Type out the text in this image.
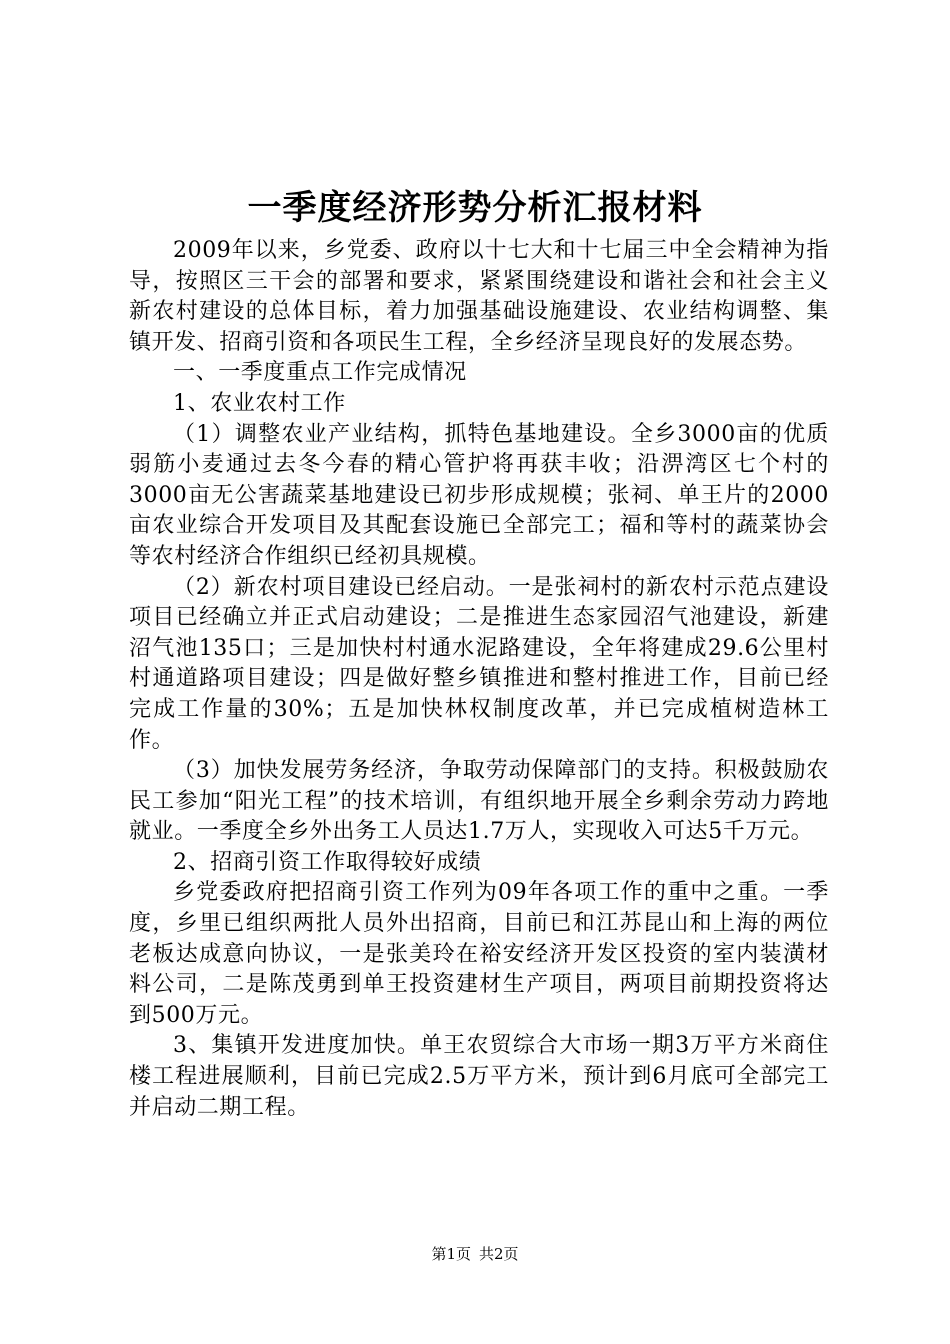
一季度经济形势分析汇报材料

2009年以来，乡党委、政府以十七大和十七届三中全会精神为指导，按照区三干会的部署和要求，紧紧围绕建设和谐社会和社会主义新农村建设的总体目标，着力加强基础设施建设、农业结构调整、集镇开发、招商引资和各项民生工程，全乡经济呈现良好的发展态势。

一、一季度重点工作完成情况

1、农业农村工作

（1）调整农业产业结构，抓特色基地建设。全乡3000亩的优质弱筋小麦通过去冬今春的精心管护将再获丰收；沿淠湾区七个村的3000亩无公害蔬菜基地建设已初步形成规模；张祠、单王片的2000亩农业综合开发项目及其配套设施已全部完工；福和等村的蔬菜协会等农村经济合作组织已经初具规模。

（2）新农村项目建设已经启动。一是张祠村的新农村示范点建设项目已经确立并正式启动建设；二是推进生态家园沼气池建设，新建沼气池135口；三是加快村村通水泥路建设，全年将建成29.6公里村村通道路项目建设；四是做好整乡镇推进和整村推进工作，目前已经完成工作量的30%；五是加快林权制度改革，并已完成植树造林工作。

（3）加快发展劳务经济，争取劳动保障部门的支持。积极鼓励农民工参加“阳光工程”的技术培训，有组织地开展全乡剩余劳动力跨地就业。一季度全乡外出务工人员达1.7万人，实现收入可达5千万元。

2、招商引资工作取得较好成绩

乡党委政府把招商引资工作列为09年各项工作的重中之重。一季度，乡里已组织两批人员外出招商，目前已和江苏昆山和上海的两位老板达成意向协议，一是张美玲在裕安经济开发区投资的室内装潢材料公司，二是陈茂勇到单王投资建材生产项目，两项目前期投资将达到500万元。

3、集镇开发进度加快。单王农贸综合大市场一期3万平方米商住楼工程进展顺利，目前已完成2.5万平方米，预计到6月底可全部完工并启动二期工程。

第1页 共2页
